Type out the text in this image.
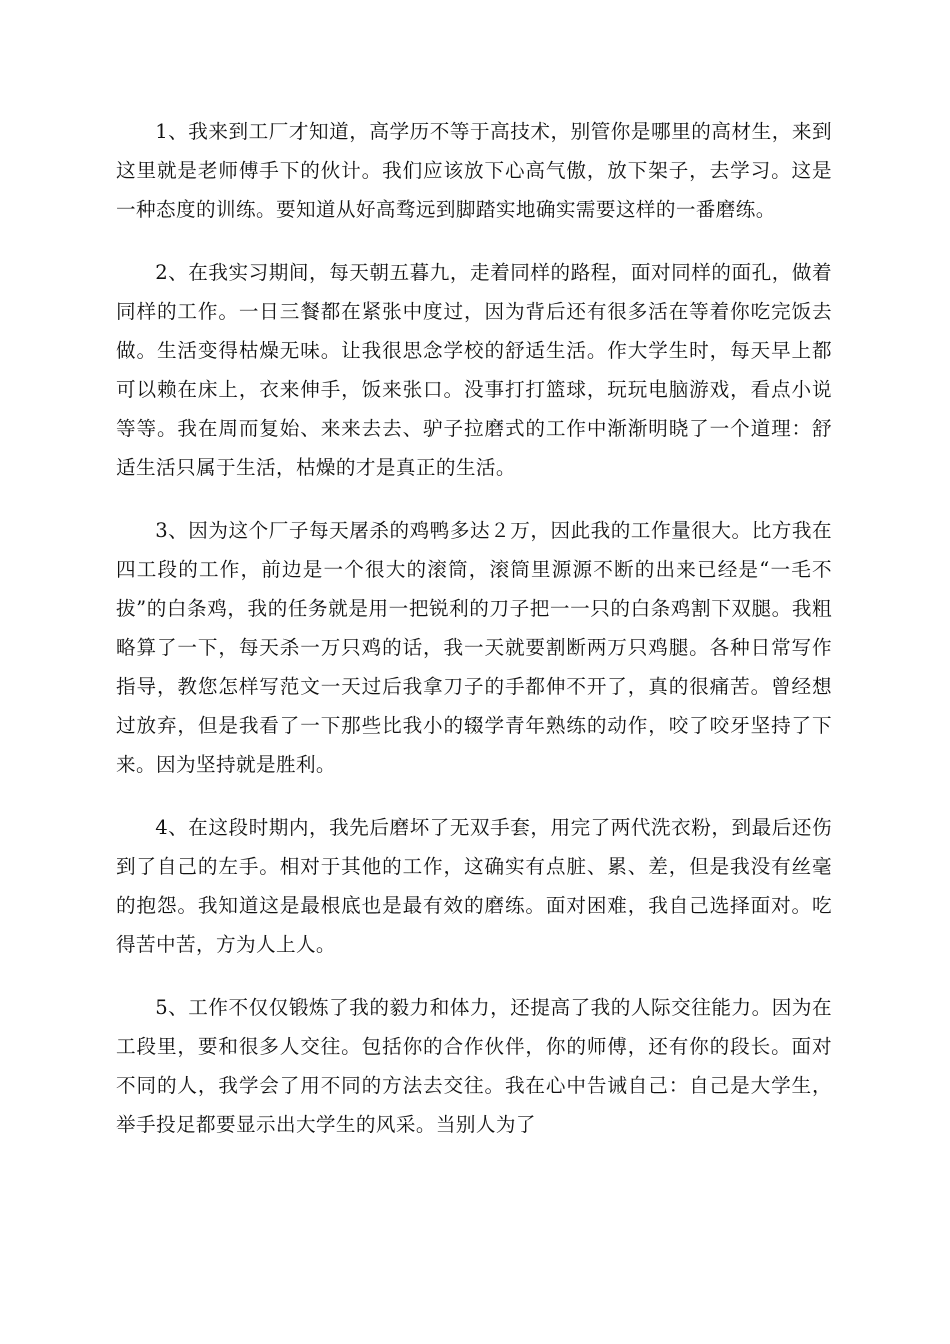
1、我来到工厂才知道，高学历不等于高技术，别管你是哪里的高材生，来到这里就是老师傅手下的伙计。我们应该放下心高气傲，放下架子，去学习。这是一种态度的训练。要知道从好高骛远到脚踏实地确实需要这样的一番磨练。

2、在我实习期间，每天朝五暮九，走着同样的路程，面对同样的面孔，做着同样的工作。一日三餐都在紧张中度过，因为背后还有很多活在等着你吃完饭去做。生活变得枯燥无味。让我很思念学校的舒适生活。作大学生时，每天早上都可以赖在床上，衣来伸手，饭来张口。没事打打篮球，玩玩电脑游戏，看点小说等等。我在周而复始、来来去去、驴子拉磨式的工作中渐渐明晓了一个道理：舒适生活只属于生活，枯燥的才是真正的生活。

3、因为这个厂子每天屠杀的鸡鸭多达２万，因此我的工作量很大。比方我在四工段的工作，前边是一个很大的滚筒，滚筒里源源不断的出来已经是“一毛不拔”的白条鸡，我的任务就是用一把锐利的刀子把一一只的白条鸡割下双腿。我粗略算了一下，每天杀一万只鸡的话，我一天就要割断两万只鸡腿。各种日常写作指导，教您怎样写范文一天过后我拿刀子的手都伸不开了，真的很痛苦。曾经想过放弃，但是我看了一下那些比我小的辍学青年熟练的动作，咬了咬牙坚持了下来。因为坚持就是胜利。

4、在这段时期内，我先后磨坏了无双手套，用完了两代洗衣粉，到最后还伤到了自己的左手。相对于其他的工作，这确实有点脏、累、差，但是我没有丝毫的抱怨。我知道这是最根底也是最有效的磨练。面对困难，我自己选择面对。吃得苦中苦，方为人上人。

5、工作不仅仅锻炼了我的毅力和体力，还提高了我的人际交往能力。因为在工段里，要和很多人交往。包括你的合作伙伴，你的师傅，还有你的段长。面对不同的人，我学会了用不同的方法去交往。我在心中告诫自己：自己是大学生，举手投足都要显示出大学生的风采。当别人为了
